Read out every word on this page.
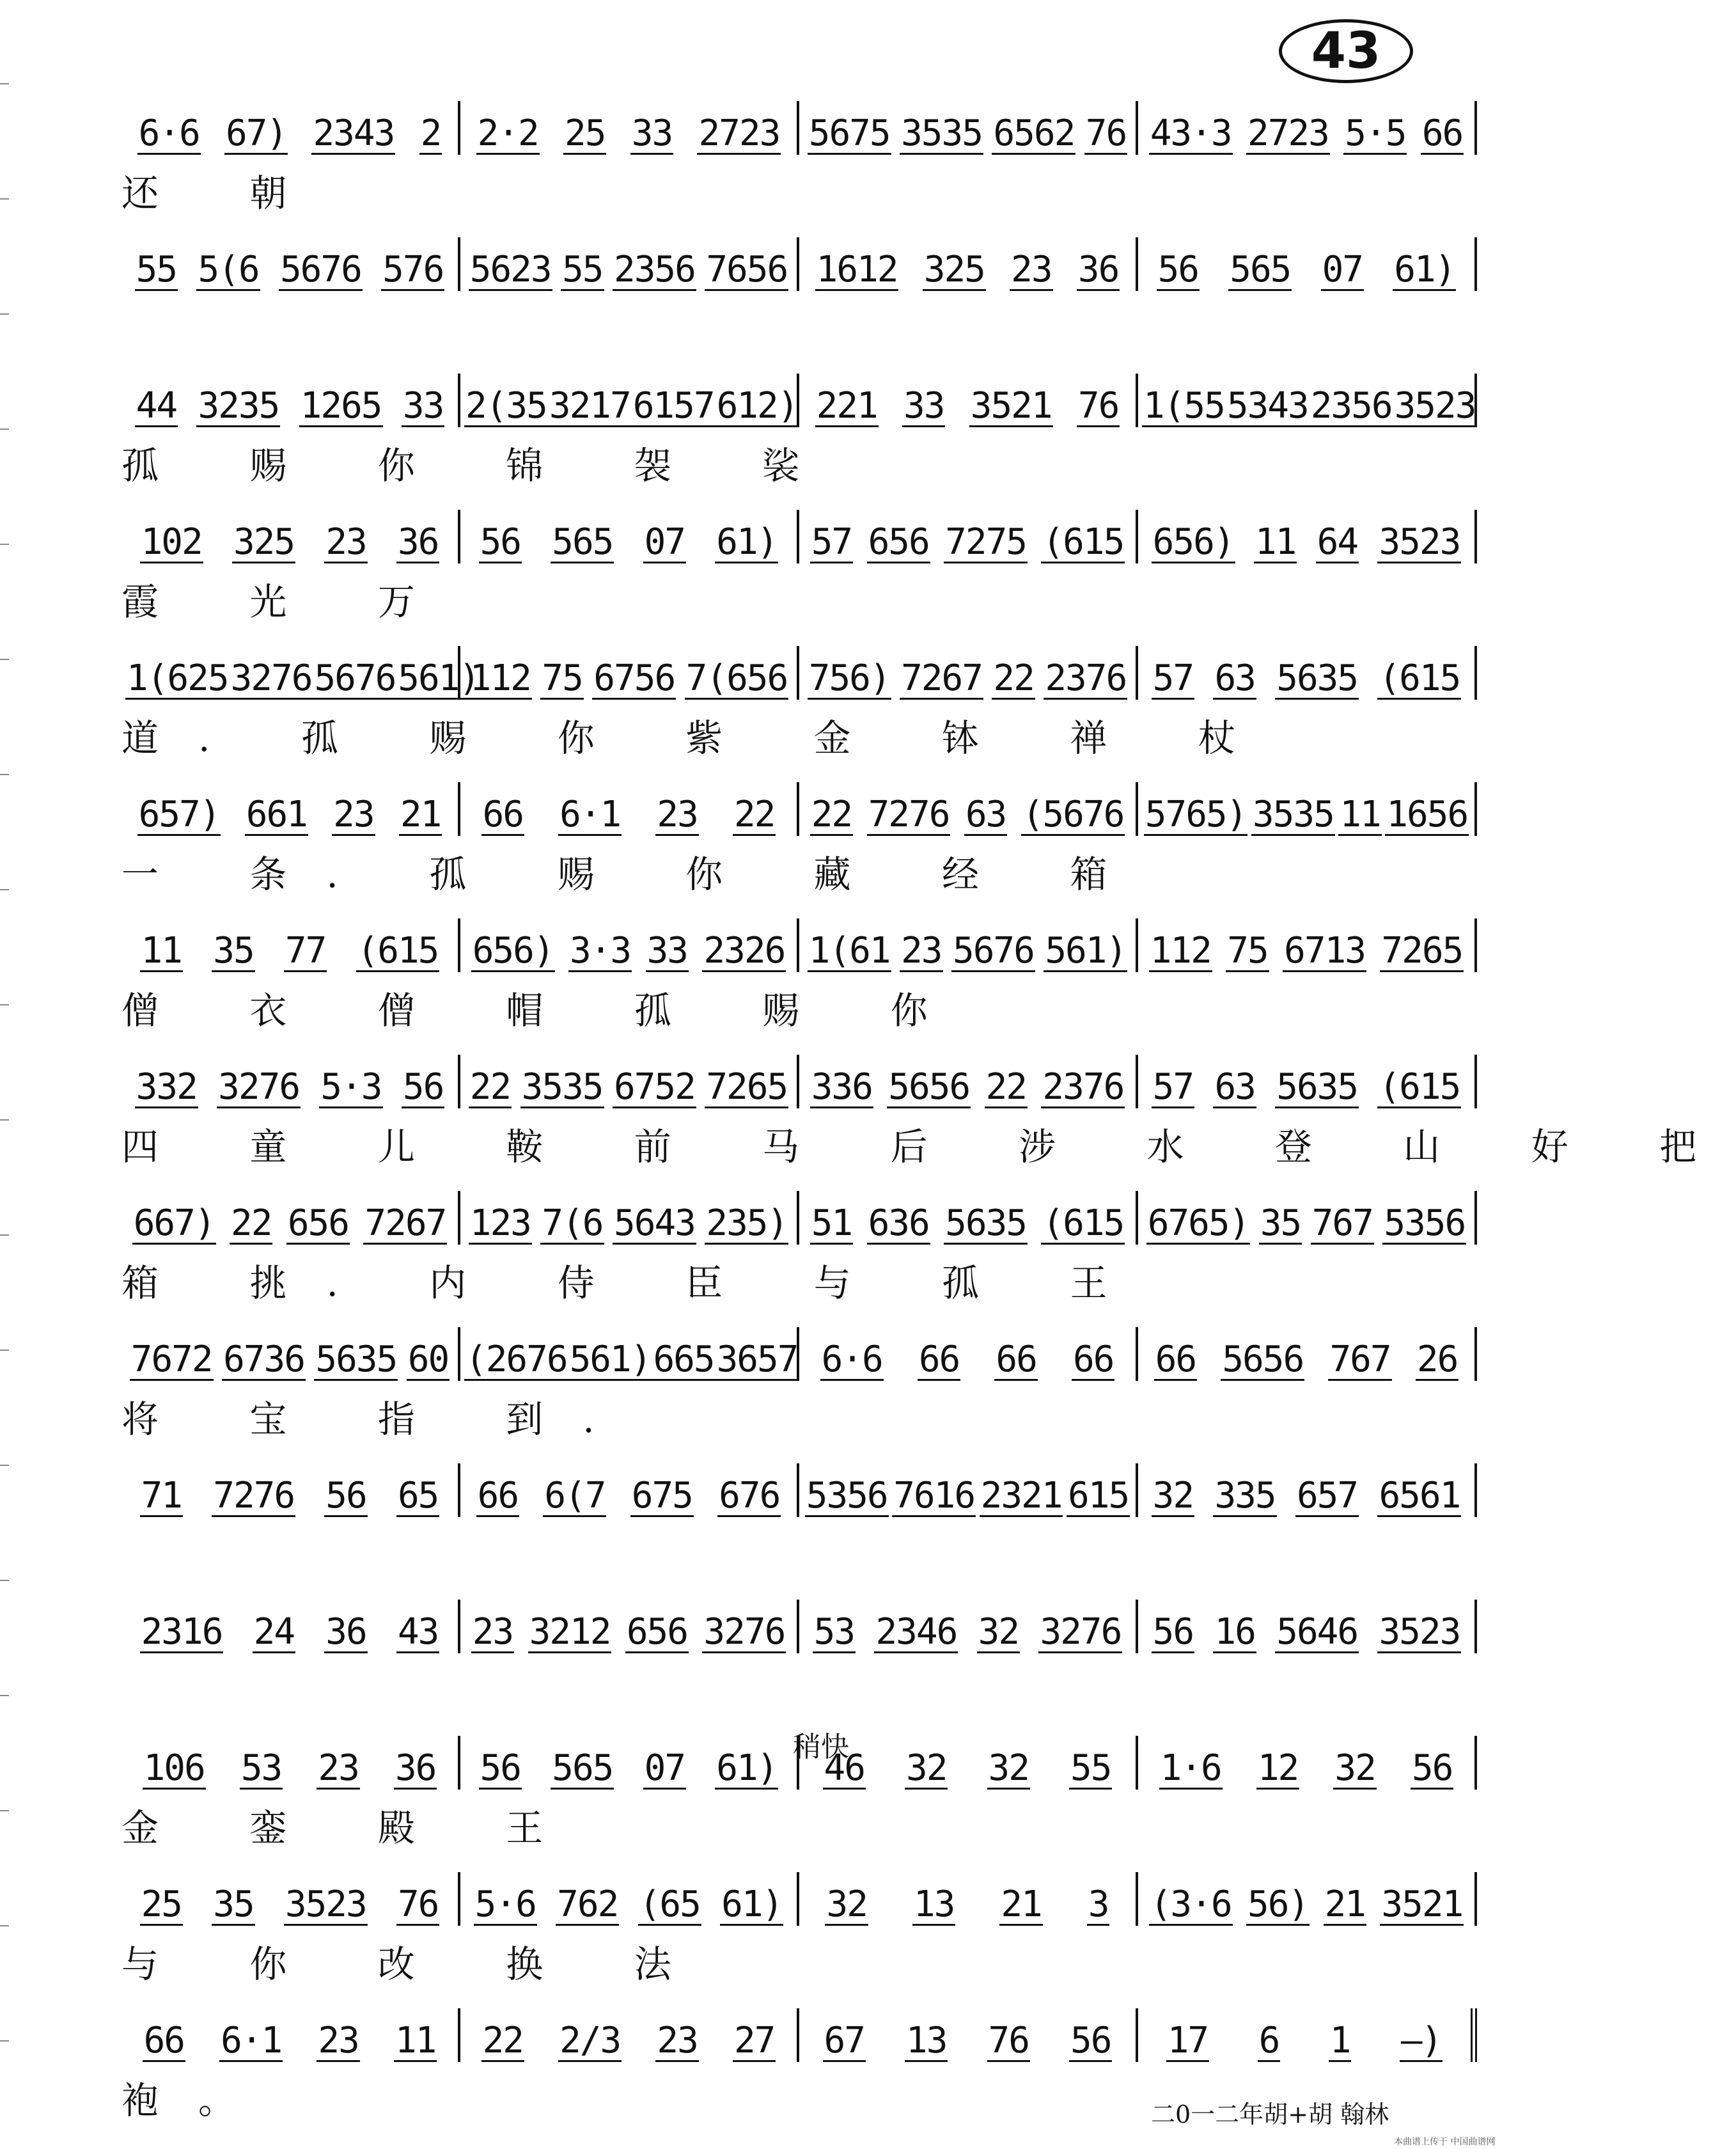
43
6·6 67) 2343 2 2·2 25 33 2723 5675 3535 6562 76 43·3 2723 5·5 66
还 朝
55 5(6 5676 576 5623 55 2356 7656 1612 325 23 36 56 565 07 61)
44 3235 1265 33 2(35 3217 6157 612) 221 33 3521 76 1(55 5343 2356 3523
孤 赐 你 锦 袈 裟
102 325 23 36 56 565 07 61) 57 656 7275 (615 656) 11 64 3523
霞 光 万
1(625 3276 5676 561)
112 75 6756 7(656 756) 7267 22 2376 57 63 5635 (615
道. 孤 赐 你 紫 金 钵 禅 杖
657) 661 23 21 66 6·1 23 22 22 7276 63 (5676 5765) 3535 11 1656
一 条. 孤 赐 你 藏 经 箱
11 35 77 (615 656) 3·3 33 2326 1(61 23 5676 561) 112 75 6713 7265
僧 衣 僧 帽 孤 赐 你
332 3276 5·3 56 22 3535 6752 7265 336 5656 22 2376 57 63 5635 (615
四 童 儿 鞍 前 马 后 涉 水 登 山 好 把
667) 22 656 7267 123 7(6 5643 235) 51 636 5635 (615 6765) 35 767 5356
箱 挑. 内 侍 臣 与 孤 王
7672 6736 5635 60 (2676 561) 665 3657 6·6 66 66 66 66 5656 767 26
将 宝 指 到.
71 7276 56 65 66 6(7 675 676 5356 7616 2321 615 32 335 657 6561
2316 24 36 43 23 3212 656 3276 53 2346 32 3276 56 16 5646 3523
106 53 23 36 56 565 07 61) 46 32 32 55 1·6 12 32 56
金 銮 殿 王
25 35 3523 76 5·6 762 (65 61) 32 13 21 3 (3·6 56) 21 3521
与 你 改 换 法
66 6·1 23 11 22 2/3 23 27 67 13 76 56 17 6 1 —)
袍。
稍快
二0一二年胡+胡 翰林
本曲谱上传于 中国曲谱网
